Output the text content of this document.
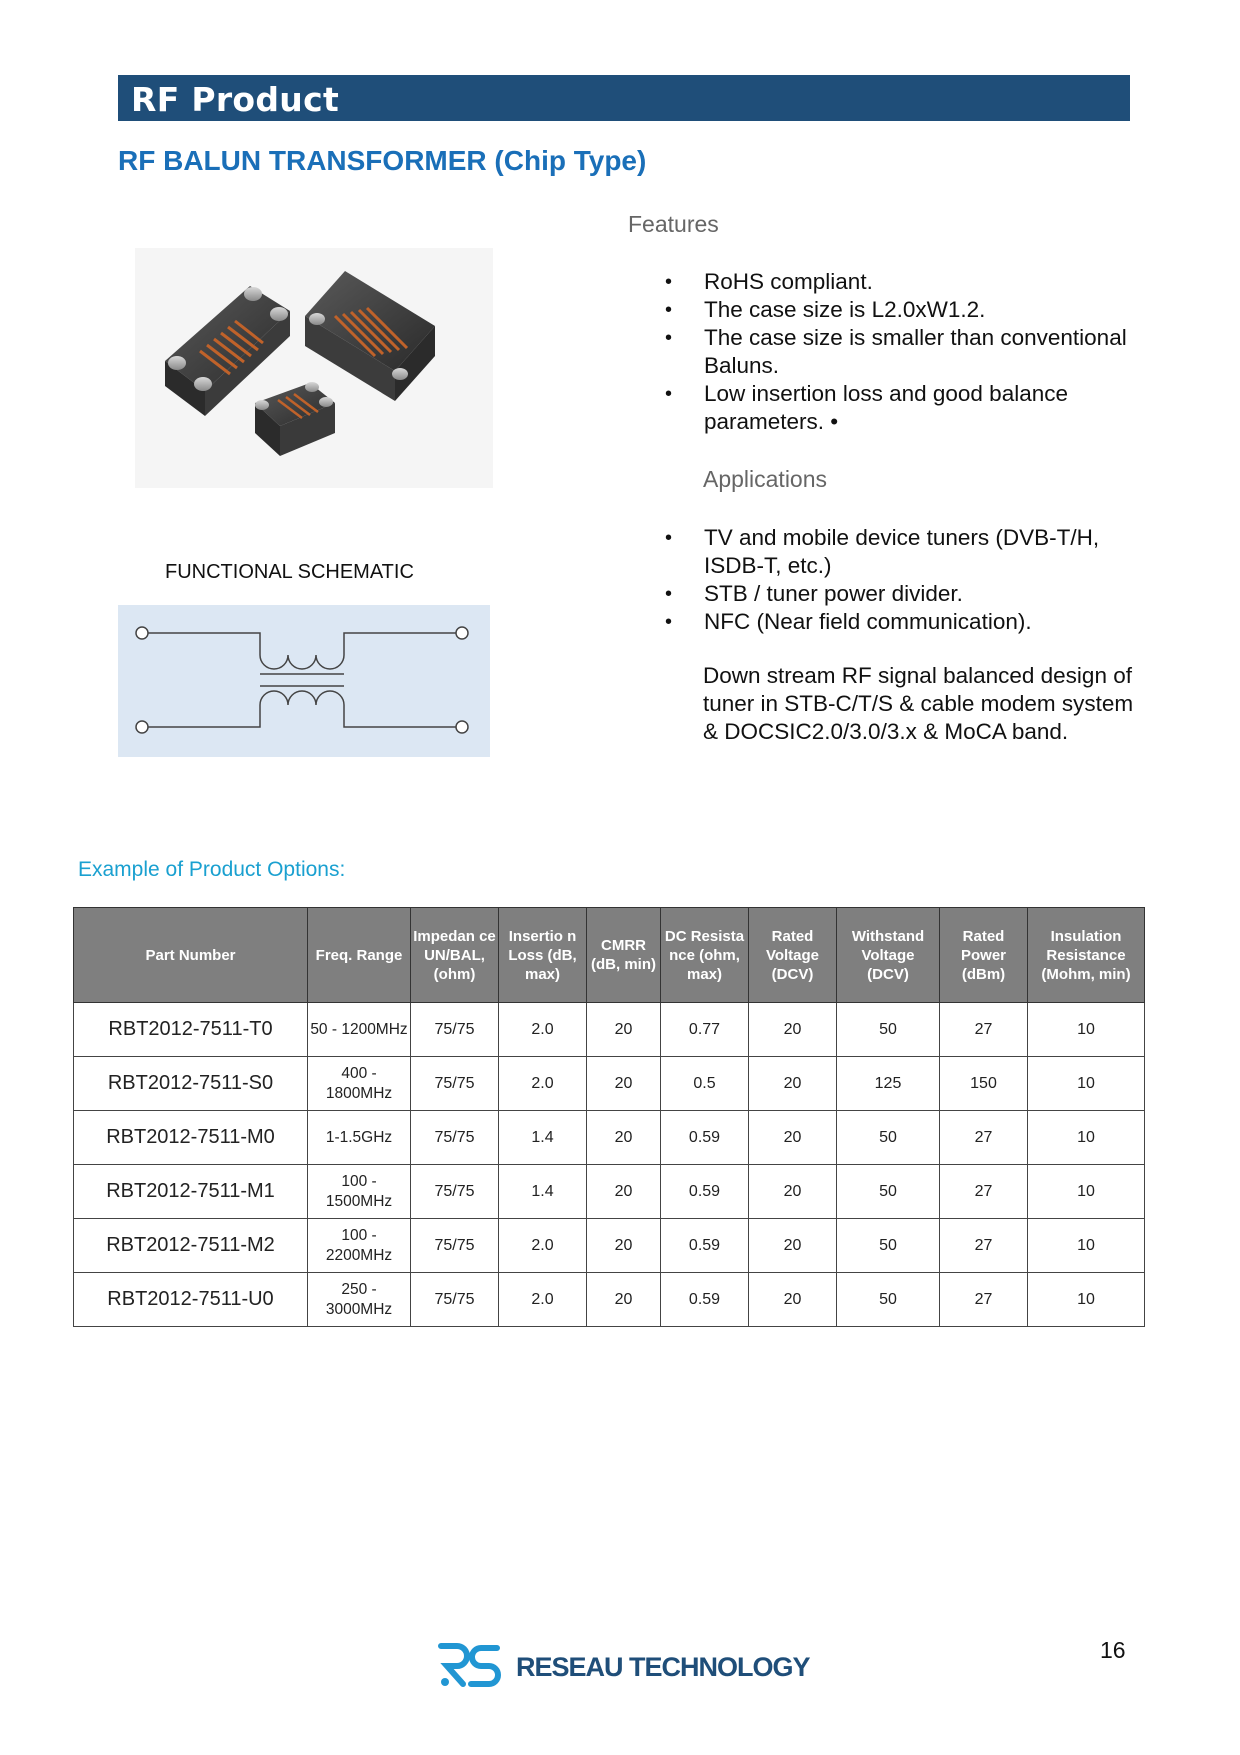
RF Product
RF BALUN TRANSFORMER (Chip Type)
FUNCTIONAL SCHEMATIC
Features
• RoHS compliant.
• The case size is L2.0xW1.2.
• The case size is smaller than conventional Baluns.
• Low insertion loss and good balance parameters. •
Applications
• TV and mobile device tuners (DVB-T/H, ISDB-T, etc.)
• STB / tuner power divider.
• NFC (Near field communication).
Down stream RF signal balanced design of tuner in STB-C/T/S & cable modem system & DOCSIC2.0/3.0/3.x & MoCA band.
Example of Product Options:
Part Number	Freq. Range	Impedan ce UN/BAL, (ohm)	Insertio n Loss (dB, max)	CMRR (dB, min)	DC Resista nce (ohm, max)	Rated Voltage (DCV)	Withstand Voltage (DCV)	Rated Power (dBm)	Insulation Resistance (Mohm, min)
RBT2012-7511-T0	50 - 1200MHz	75/75	2.0	20	0.77	20	50	27	10
RBT2012-7511-S0	400 - 1800MHz	75/75	2.0	20	0.5	20	125	150	10
RBT2012-7511-M0	1-1.5GHz	75/75	1.4	20	0.59	20	50	27	10
RBT2012-7511-M1	100 - 1500MHz	75/75	1.4	20	0.59	20	50	27	10
RBT2012-7511-M2	100 - 2200MHz	75/75	2.0	20	0.59	20	50	27	10
RBT2012-7511-U0	250 - 3000MHz	75/75	2.0	20	0.59	20	50	27	10
RESEAU TECHNOLOGY
16
